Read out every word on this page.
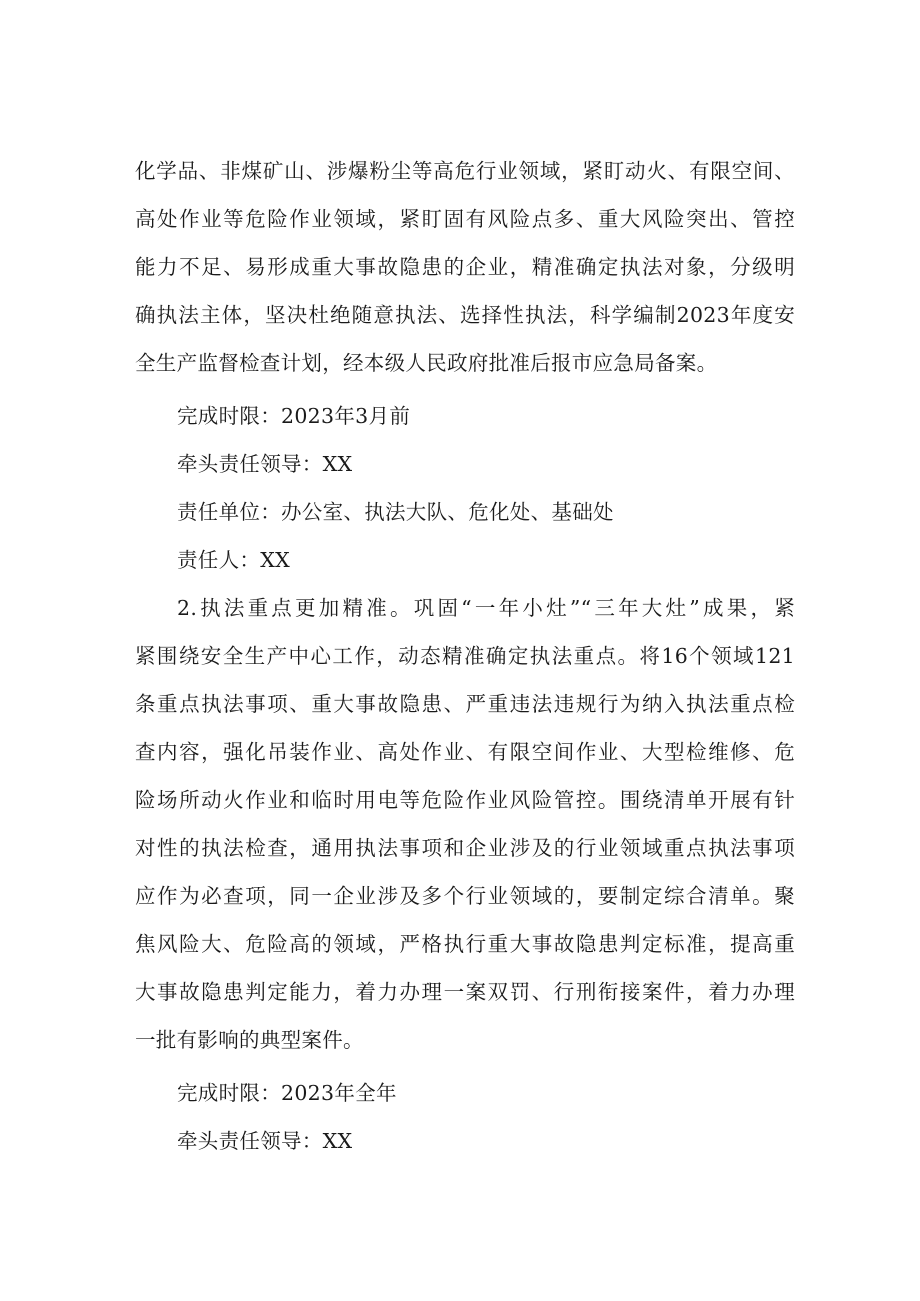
化学品、非煤矿山、涉爆粉尘等高危行业领域，紧盯动火、有限空间、
高处作业等危险作业领域，紧盯固有风险点多、重大风险突出、管控
能力不足、易形成重大事故隐患的企业，精准确定执法对象，分级明
确执法主体，坚决杜绝随意执法、选择性执法，科学编制2023年度安
全生产监督检查计划，经本级人民政府批准后报市应急局备案。
完成时限：2023年3月前
牵头责任领导：XX
责任单位：办公室、执法大队、危化处、基础处
责任人：XX
2.执法重点更加精准。巩固“一年小灶”“三年大灶”成果，紧
紧围绕安全生产中心工作，动态精准确定执法重点。将16个领域121
条重点执法事项、重大事故隐患、严重违法违规行为纳入执法重点检
查内容，强化吊装作业、高处作业、有限空间作业、大型检维修、危
险场所动火作业和临时用电等危险作业风险管控。围绕清单开展有针
对性的执法检查，通用执法事项和企业涉及的行业领域重点执法事项
应作为必查项，同一企业涉及多个行业领域的，要制定综合清单。聚
焦风险大、危险高的领域，严格执行重大事故隐患判定标准，提高重
大事故隐患判定能力，着力办理一案双罚、行刑衔接案件，着力办理
一批有影响的典型案件。
完成时限：2023年全年
牵头责任领导：XX
